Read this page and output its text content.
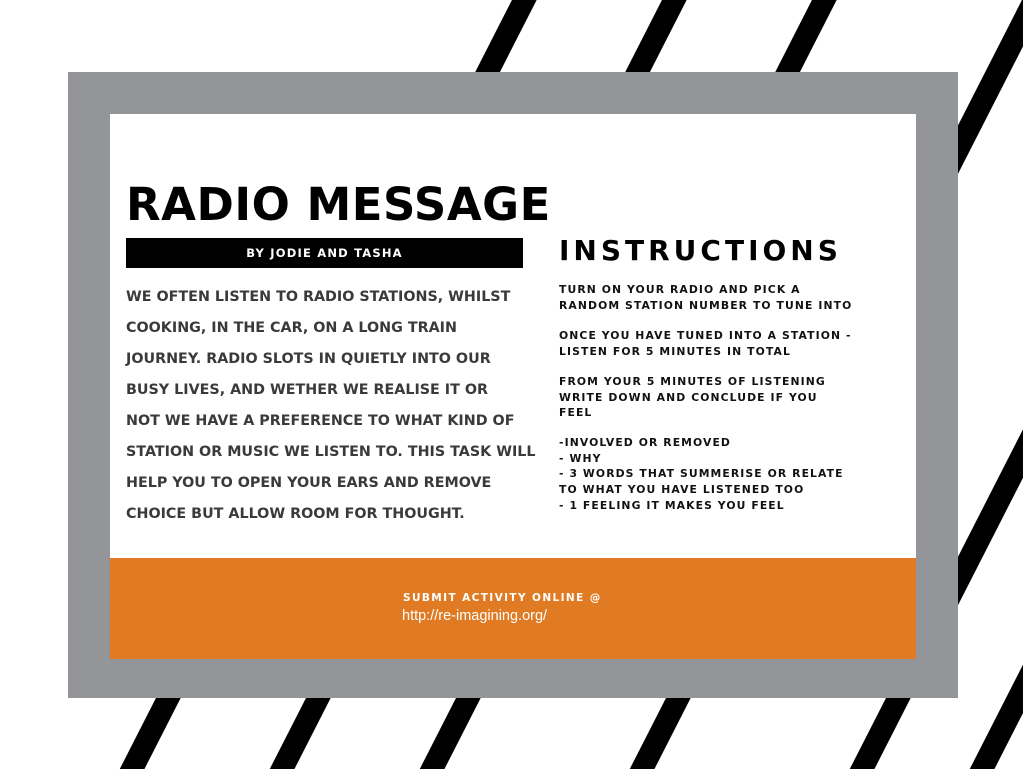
RADIO MESSAGE
BY JODIE AND TASHA
WE OFTEN LISTEN TO RADIO STATIONS, WHILST
COOKING, IN THE CAR, ON A LONG TRAIN
JOURNEY. RADIO SLOTS IN QUIETLY INTO OUR
BUSY LIVES, AND WETHER WE REALISE IT OR
NOT WE HAVE A PREFERENCE TO WHAT KIND OF
STATION OR MUSIC WE LISTEN TO. THIS TASK WILL
HELP YOU TO OPEN YOUR EARS AND REMOVE
CHOICE BUT ALLOW ROOM FOR THOUGHT.
INSTRUCTIONS
TURN ON YOUR RADIO AND PICK A
RANDOM STATION NUMBER TO TUNE INTO
ONCE YOU HAVE TUNED INTO A STATION -
LISTEN FOR 5 MINUTES IN TOTAL
FROM YOUR 5 MINUTES OF LISTENING
WRITE DOWN AND CONCLUDE IF YOU
FEEL
-INVOLVED OR REMOVED
- WHY
- 3 WORDS THAT SUMMERISE OR RELATE
TO WHAT YOU HAVE LISTENED TOO
- 1 FEELING IT MAKES YOU FEEL
SUBMIT ACTIVITY ONLINE @
http://re-imagining.org/
